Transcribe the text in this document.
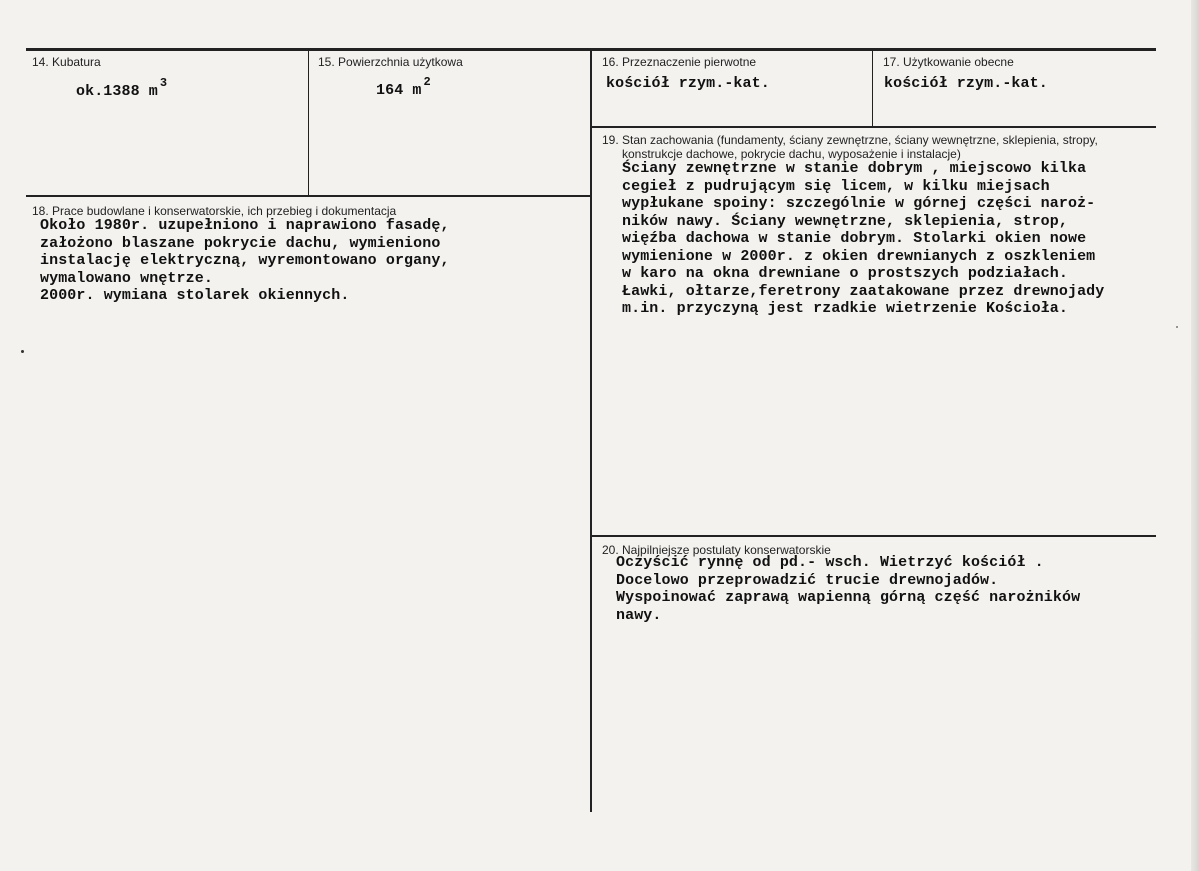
14. Kubatura
ok.1388 m $^3$
15. Powierzchnia użytkowa
164 m $^2$
16. Przeznaczenie pierwotne
kościół rzym.-kat.
17. Użytkowanie obecne
kościół rzym.-kat.
18. Prace budowlane i konserwatorskie, ich przebieg i dokumentacja
Około 1980r. uzupełniono i naprawiono fasadę,
założono blaszane pokrycie dachu, wymieniono
instalację elektryczną, wyremontowano organy,
wymalowano wnętrze.
2000r. wymiana stolarek okiennych.
19. Stan zachowania (fundamenty, ściany zewnętrzne, ściany wewnętrzne, sklepienia, stropy,
konstrukcje dachowe, pokrycie dachu, wyposażenie i instalacje)
Ściany zewnętrzne w stanie dobrym , miejscowo kilka
cegieł z pudrującym się licem, w kilku miejsach
wypłukane spoiny: szczególnie w górnej części naroż-
ników nawy. Ściany wewnętrzne, sklepienia, strop,
więźba dachowa w stanie dobrym. Stolarki okien nowe
wymienione w 2000r. z okien drewnianych z oszkleniem
w karo na okna drewniane o prostszych podziałach.
Ławki, ołtarze,feretrony zaatakowane przez drewnojady
m.in. przyczyną jest rzadkie wietrzenie Kościoła.
20. Najpilniejsze postulaty konserwatorskie
Oczyścić rynnę od pd.- wsch. Wietrzyć kościół .
Docelowo przeprowadzić trucie drewnojadów.
Wyspoinować zaprawą wapienną górną część narożników
nawy.
